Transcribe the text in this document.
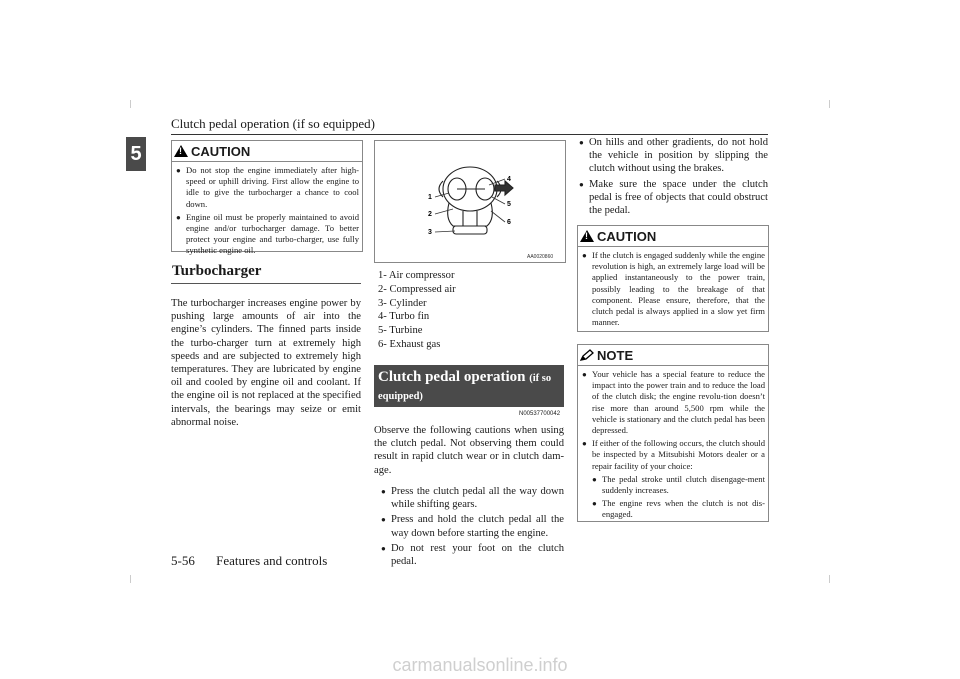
Clutch pedal operation (if so equipped)
5
!	CAUTION
● Do not stop the engine immediately after high-speed or uphill driving. First allow the engine to idle to give the turbocharger a chance to cool down.
● Engine oil must be properly maintained to avoid engine and/or turbocharger damage. To better protect your engine and turbo-charger, use fully synthetic engine oil.
Turbocharger
The turbocharger increases engine power by pushing large amounts of air into the engine’s cylinders. The finned parts inside the turbo-charger turn at extremely high speeds and are subjected to extremely high temperatures. They are lubricated by engine oil and cooled by engine oil and coolant. If the engine oil is not replaced at the specified intervals, the bearings may seize or emit abnormal noise.
1
2
3
4
5
6
AA0020860
1- Air compressor
2- Compressed air
3- Cylinder
4- Turbo fin
5- Turbine
6- Exhaust gas
Clutch pedal operation (if so equipped)
N00537700042
Observe the following cautions when using the clutch pedal. Not observing them could result in rapid clutch wear or in clutch dam-age.
● Press the clutch pedal all the way down while shifting gears.
● Press and hold the clutch pedal all the way down before starting the engine.
● Do not rest your foot on the clutch pedal.
● On hills and other gradients, do not hold the vehicle in position by slipping the clutch without using the brakes.
● Make sure the space under the clutch pedal is free of objects that could obstruct the pedal.
!
CAUTION
● If the clutch is engaged suddenly while the engine revolution is high, an extremely large load will be applied instantaneously to the power train, possibly leading to the breakage of that component. Please ensure, therefore, that the clutch pedal is always applied in a slow yet firm manner.
NOTE
● Your vehicle has a special feature to reduce the impact into the power train and to reduce the load of the clutch disk; the engine revolu-tion doesn’t rise more than around 5,500 rpm while the vehicle is stationary and the clutch pedal has been depressed.
● If either of the following occurs, the clutch should be inspected by a Mitsubishi Motors dealer or a repair facility of your choice:
● The pedal stroke until clutch disengage-ment suddenly increases.
● The engine revs when the clutch is not dis-engaged.
5-56 Features and controls
carmanualsonline.info
